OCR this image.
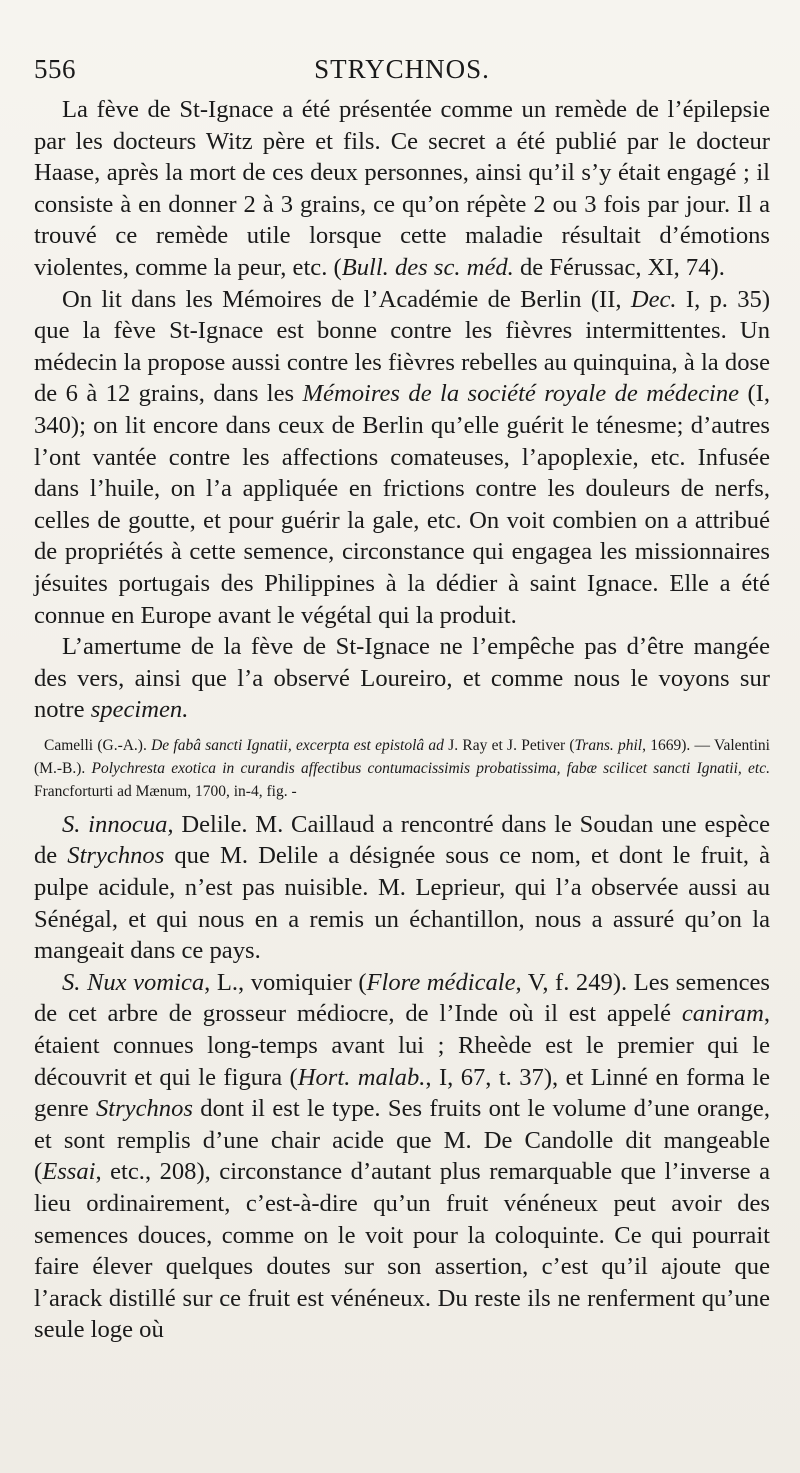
556	STRYCHNOS.

La fève de St-Ignace a été présentée comme un remède de l’épilepsie par les docteurs Witz père et fils. Ce secret a été publié par le docteur Haase, après la mort de ces deux personnes, ainsi qu’il s’y était engagé ; il consiste à en donner 2 à 3 grains, ce qu’on répète 2 ou 3 fois par jour. Il a trouvé ce remède utile lorsque cette maladie résultait d’émotions violentes, comme la peur, etc. (Bull. des sc. méd. de Férussac, XI, 74).

On lit dans les Mémoires de l’Académie de Berlin (II, Dec. I, p. 35) que la fève St-Ignace est bonne contre les fièvres intermittentes. Un médecin la propose aussi contre les fièvres rebelles au quinquina, à la dose de 6 à 12 grains, dans les Mémoires de la société royale de médecine (I, 340); on lit encore dans ceux de Berlin qu’elle guérit le ténesme; d’autres l’ont vantée contre les affections comateuses, l’apoplexie, etc. Infusée dans l’huile, on l’a appliquée en frictions contre les douleurs de nerfs, celles de goutte, et pour guérir la gale, etc. On voit combien on a attribué de propriétés à cette semence, circonstance qui engagea les missionnaires jésuites portugais des Philippines à la dédier à saint Ignace. Elle a été connue en Europe avant le végétal qui la produit.

L’amertume de la fève de St-Ignace ne l’empêche pas d’être mangée des vers, ainsi que l’a observé Loureiro, et comme nous le voyons sur notre specimen.

Camelli (G.-A.). De fabâ sancti Ignatii, excerpta est epistolâ ad J. Ray et J. Petiver (Trans. phil, 1669). — Valentini (M.-B.). Polychresta exotica in curandis affectibus contumacissimis probatissima, fabæ scilicet sancti Ignatii, etc. Francforturti ad Mænum, 1700, in-4, fig. -

S. innocua, Delile. M. Caillaud a rencontré dans le Soudan une espèce de Strychnos que M. Delile a désignée sous ce nom, et dont le fruit, à pulpe acidule, n’est pas nuisible. M. Leprieur, qui l’a observée aussi au Sénégal, et qui nous en a remis un échantillon, nous a assuré qu’on la mangeait dans ce pays.

S. Nux vomica, L., vomiquier (Flore médicale, V, f. 249). Les semences de cet arbre de grosseur médiocre, de l’Inde où il est appelé caniram, étaient connues long-temps avant lui ; Rheède est le premier qui le découvrit et qui le figura (Hort. malab., I, 67, t. 37), et Linné en forma le genre Strychnos dont il est le type. Ses fruits ont le volume d’une orange, et sont remplis d’une chair acide que M. De Candolle dit mangeable (Essai, etc., 208), circonstance d’autant plus remarquable que l’inverse a lieu ordinairement, c’est-à-dire qu’un fruit vénéneux peut avoir des semences douces, comme on le voit pour la coloquinte. Ce qui pourrait faire élever quelques doutes sur son assertion, c’est qu’il ajoute que l’arack distillé sur ce fruit est vénéneux. Du reste ils ne renferment qu’une seule loge où
